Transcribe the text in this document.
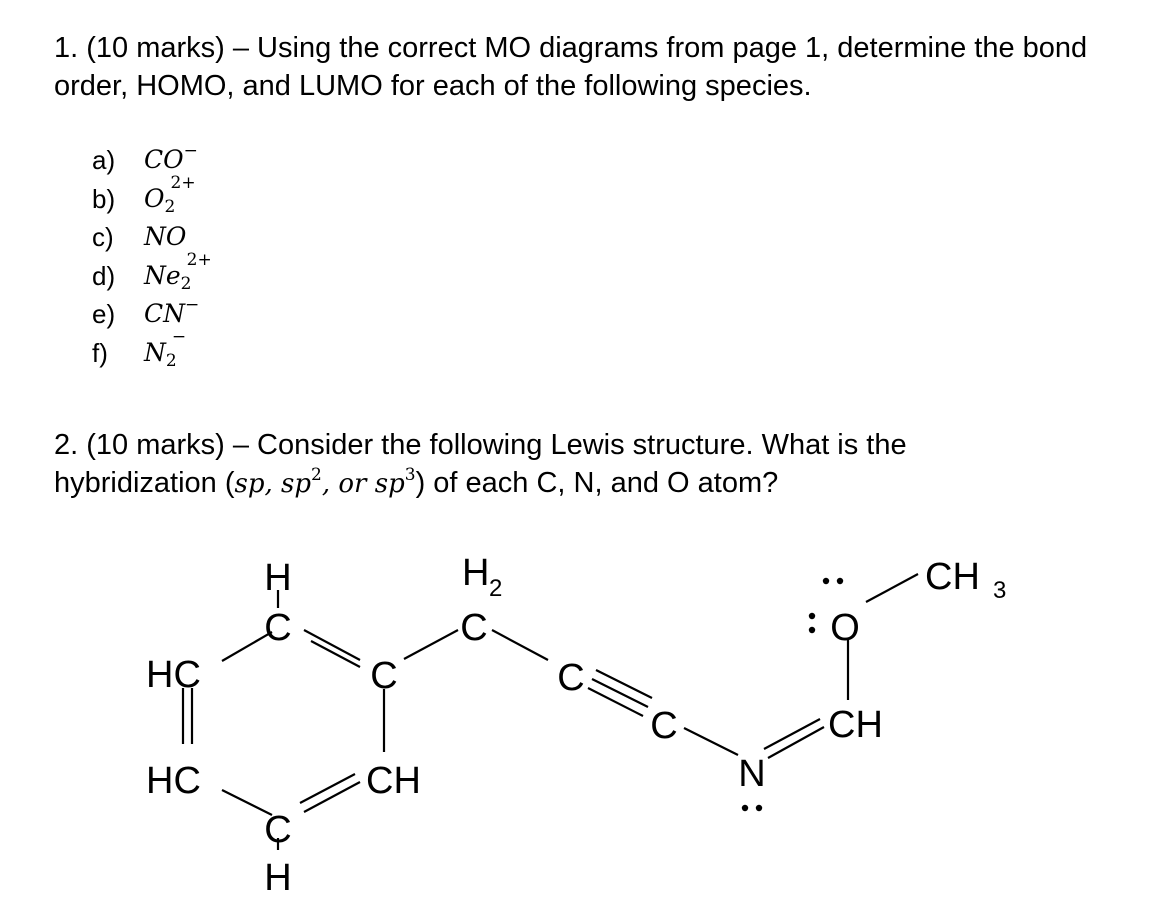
1. (10 marks) – Using the correct MO diagrams from page 1, determine the bond order, HOMO, and LUMO for each of the following species.

a) CO−
b) O 2
2+
c) NO
d) Ne 2
2+
e) CN−
f) N 2
−
2. (10 marks) – Consider the following Lewis structure. What is the
hybridization (sp, $sp^2$, or $sp^3$) of each C, N, and O atom?
H
C
HC	C
HC	CH
C
H
H 2
C
C
C
N
CH
O
CH 3
